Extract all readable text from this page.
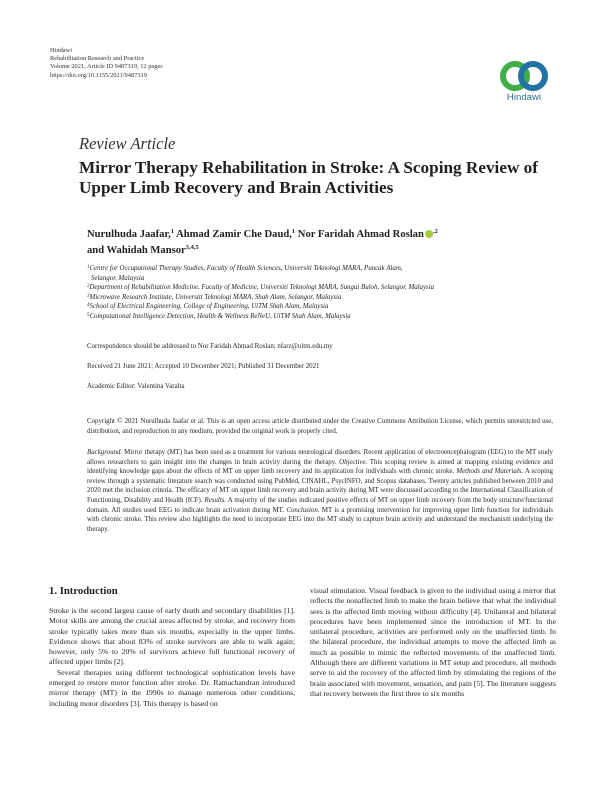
Hindawi
Rehabilitation Research and Practice
Volume 2021, Article ID 9487319, 12 pages
https://doi.org/10.1155/2021/9487319
Hindawi
Review Article
Mirror Therapy Rehabilitation in Stroke: A Scoping Review of Upper Limb Recovery and Brain Activities
Nurulhuda Jaafar,$^1$ Ahmad Zamir Che Daud,$^1$ Nor Faridah Ahmad Roslan $^{,2}$
and Wahidah Mansor$^{3,4,5}$
$^1$Centre for Occupational Therapy Studies, Faculty of Health Sciences, Universiti Teknologi MARA, Puncak Alam,
Selangor, Malaysia
$^2$Department of Rehabilitation Medicine, Faculty of Medicine, Universiti Teknologi MARA, Sungai Buloh, Selangor, Malaysia
$^3$Microwave Research Institute, Universiti Teknologi MARA, Shah Alam, Selangor, Malaysia
$^4$School of Electrical Engineering, College of Engineering, UiTM Shah Alam, Malaysia
$^5$Computational Intelligence Detection, Health & Wellness ReNeU, UiTM Shah Alam, Malaysia
Correspondence should be addressed to Nor Faridah Ahmad Roslan; nfarz@uitm.edu.my
Received 21 June 2021; Accepted 10 December 2021; Published 31 December 2021
Academic Editor: Valentina Varalta
Copyright © 2021 Nurulhuda Jaafar et al. This is an open access article distributed under the Creative Commons Attribution License, which permits unrestricted use, distribution, and reproduction in any medium, provided the original work is properly cited.
Background. Mirror therapy (MT) has been used as a treatment for various neurological disorders. Recent application of electroencephalogram (EEG) to the MT study allows researchers to gain insight into the changes in brain activity during the therapy. Objective. This scoping review is aimed at mapping existing evidence and identifying knowledge gaps about the effects of MT on upper limb recovery and its application for individuals with chronic stroke. Methods and Materials. A scoping review through a systematic literature search was conducted using PubMed, CINAHL, PsycINFO, and Scopus databases. Twenty articles published between 2010 and 2020 met the inclusion criteria. The efficacy of MT on upper limb recovery and brain activity during MT were discussed according to the International Classification of Functioning, Disability and Health (ICF). Results. A majority of the studies indicated positive effects of MT on upper limb recovery from the body structure/functional domain. All studies used EEG to indicate brain activation during MT. Conclusion. MT is a promising intervention for improving upper limb function for individuals with chronic stroke. This review also highlights the need to incorporate EEG into the MT study to capture brain activity and understand the mechanism underlying the therapy.
1. Introduction

Stroke is the second largest cause of early death and secondary disabilities [1]. Motor skills are among the crucial areas affected by stroke, and recovery from stroke typically takes more than six months, especially in the upper limbs. Evidence shows that about 83% of stroke survivors are able to walk again; however, only 5% to 20% of survivors achieve full functional recovery of affected upper limbs [2].

Several therapies using different technological sophistication levels have emerged to restore motor function after stroke. Dr. Ramachandran introduced mirror therapy (MT) in the 1990s to manage numerous other conditions, including motor disorders [3]. This therapy is based on

visual stimulation. Visual feedback is given to the individual using a mirror that reflects the nonaffected limb to make the brain believe that what the individual sees is the affected limb moving without difficulty [4]. Unilateral and bilateral procedures have been implemented since the introduction of MT. In the unilateral procedure, activities are performed only on the unaffected limb. In the bilateral procedure, the individual attempts to move the affected limb as much as possible to mimic the reflected movements of the unaffected limb. Although there are different variations in MT setup and procedure, all methods serve to aid the recovery of the affected limb by stimulating the regions of the brain associated with movement, sensation, and pain [5]. The literature suggests that recovery between the first three to six months
